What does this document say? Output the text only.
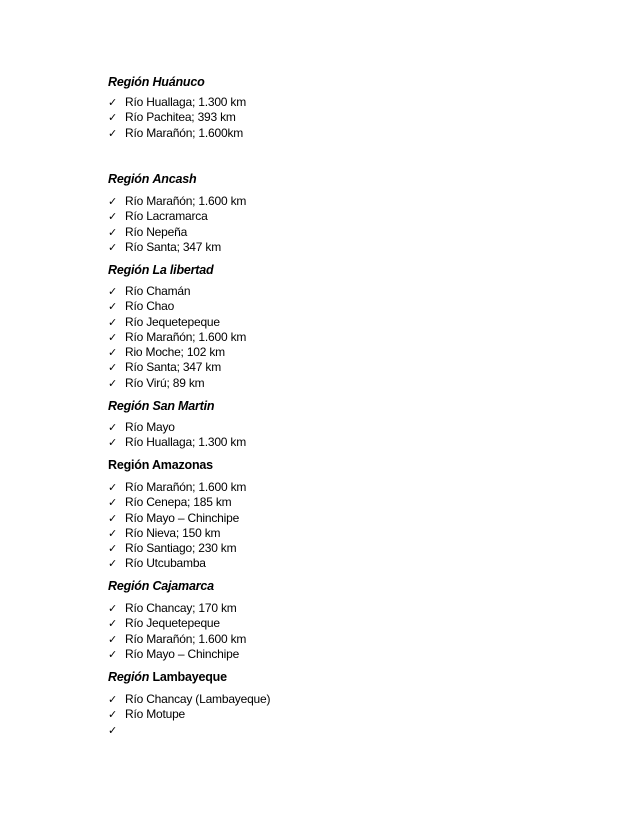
Región Huánuco
✓ Río Huallaga; 1.300 km
✓ Río Pachitea; 393 km
✓ Río Marañón; 1.600km
Región Ancash
✓ Río Marañón; 1.600 km
✓ Río Lacramarca
✓ Río Nepeña
✓ Río Santa; 347 km
Región La libertad
✓ Río Chamán
✓ Río Chao
✓ Río Jequetepeque
✓ Río Marañón; 1.600 km
✓ Rio Moche; 102 km
✓ Río Santa; 347 km
✓ Río Virú; 89 km
Región San Martin
✓ Río Mayo
✓ Río Huallaga; 1.300 km
Región Amazonas
✓ Río Marañón; 1.600 km
✓ Río Cenepa; 185 km
✓ Río Mayo – Chinchipe
✓ Río Nieva; 150 km
✓ Río Santiago; 230 km
✓ Río Utcubamba
Región Cajamarca
✓ Río Chancay; 170 km
✓ Río Jequetepeque
✓ Río Marañón; 1.600 km
✓ Río Mayo – Chinchipe
Región Lambayeque
✓ Río Chancay (Lambayeque)
✓ Río Motupe
✓
